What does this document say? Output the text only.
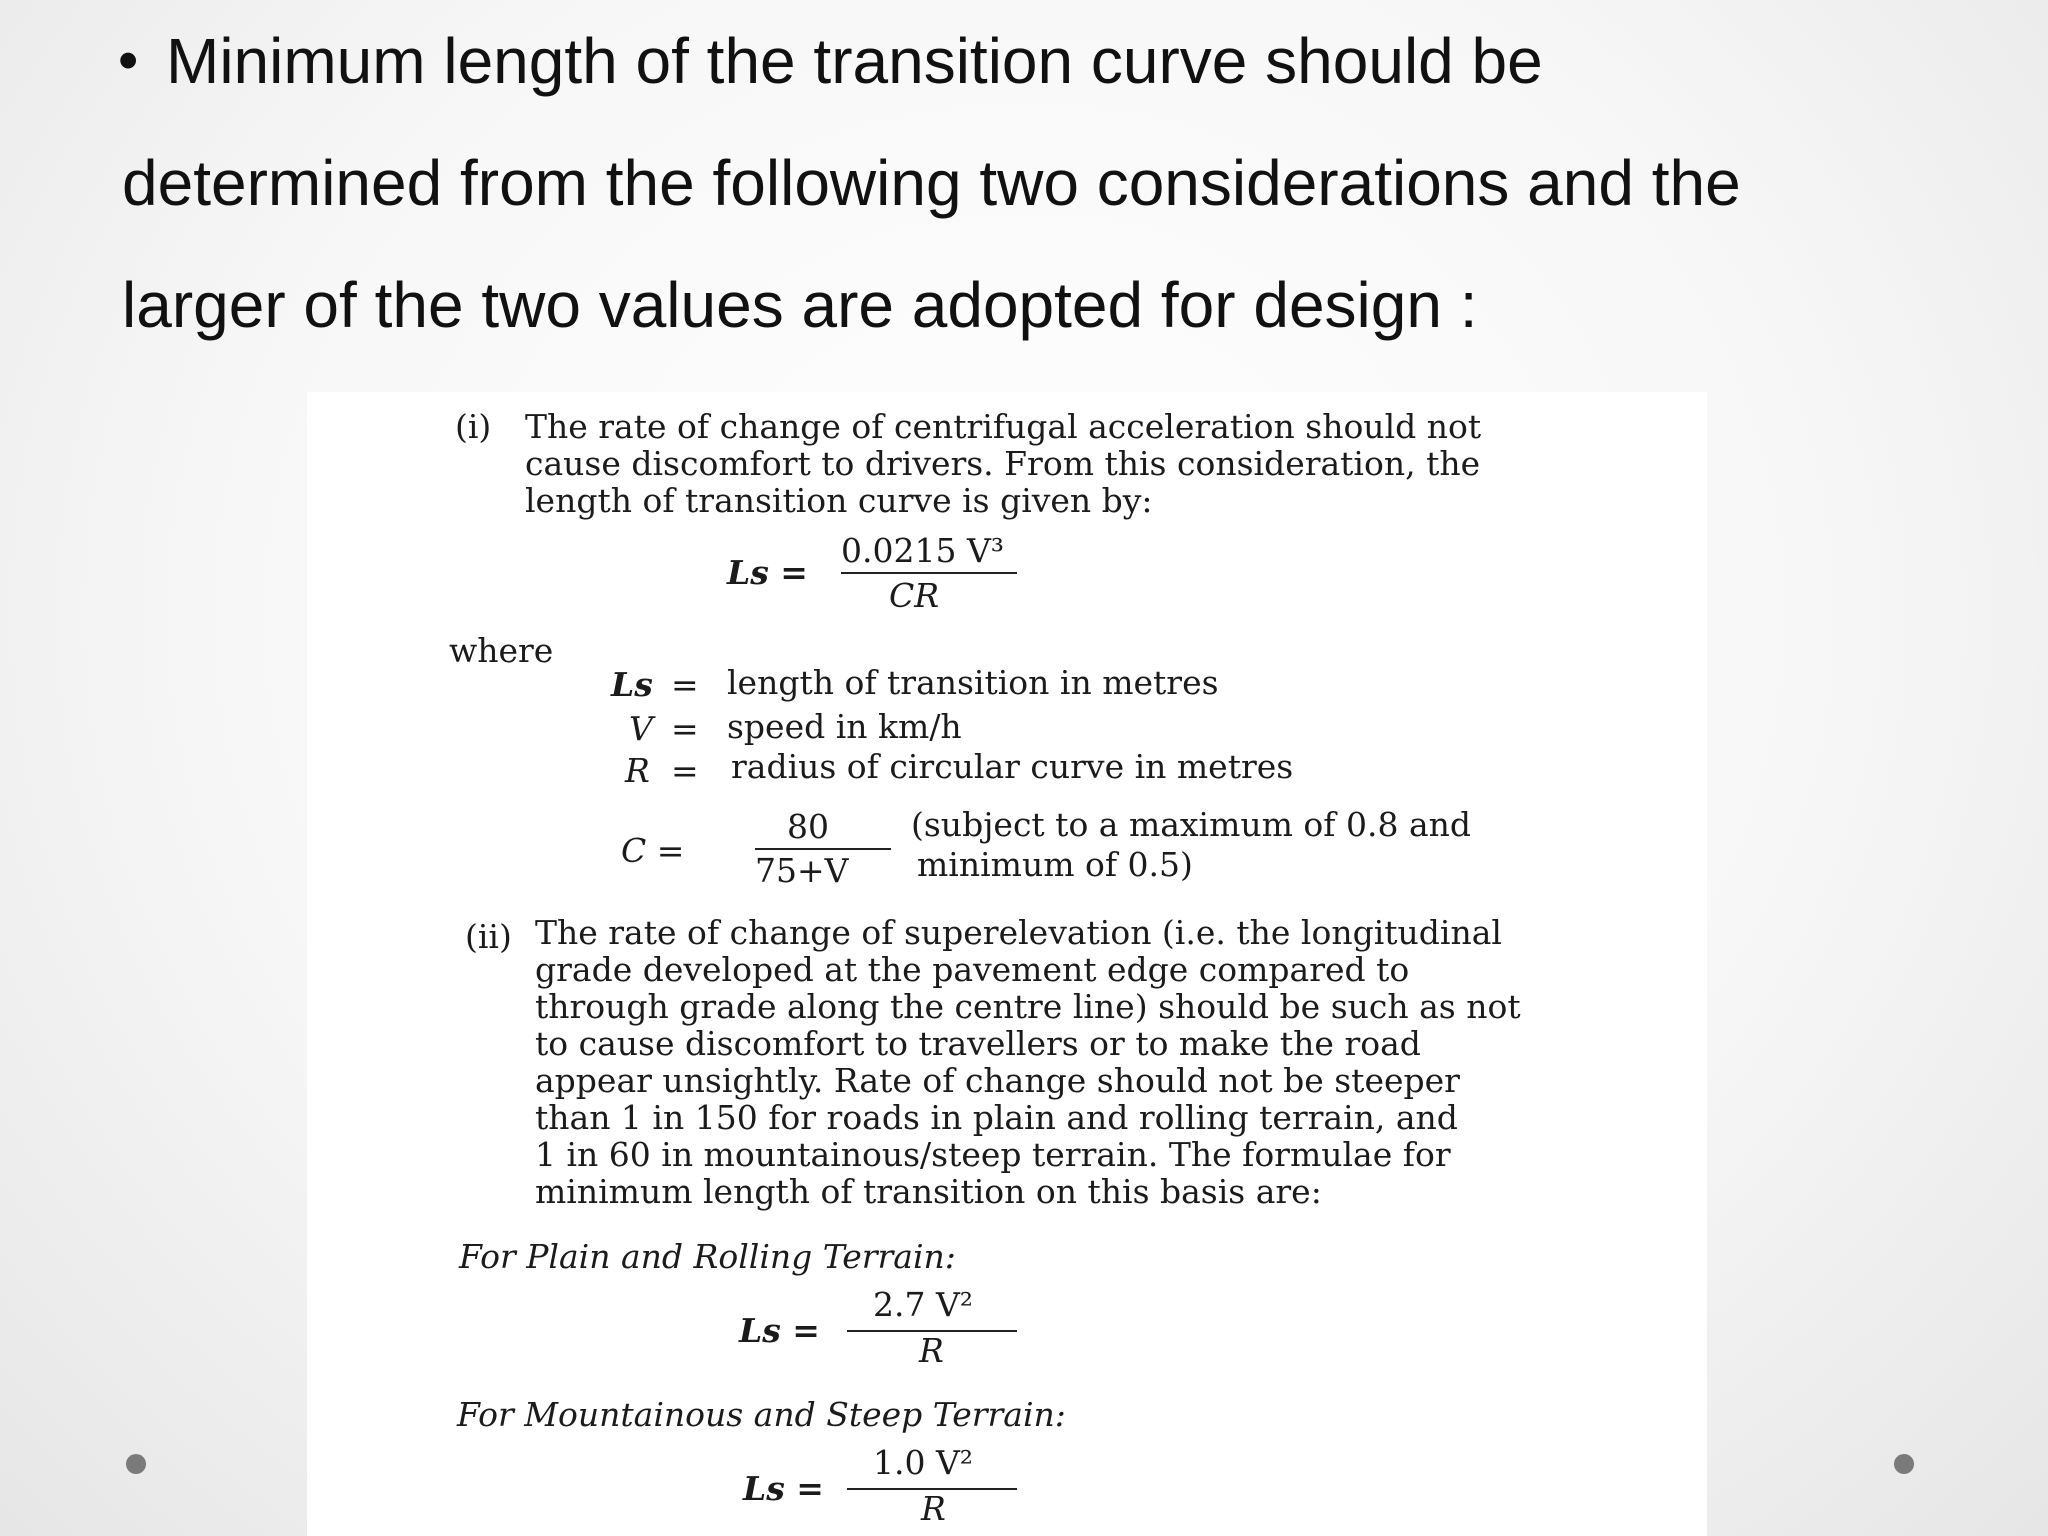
• Minimum length of the transition curve should be
determined from the following two considerations and the
larger of the two values are adopted for design :
(i) The rate of change of centrifugal acceleration should not
cause discomfort to drivers. From this consideration, the
length of transition curve is given by:
Ls =
0.0215 V³
CR
where
Ls = length of transition in metres
V = speed in km/h
R = radius of circular curve in metres
C =
80
75+V
(subject to a maximum of 0.8 and
minimum of 0.5)
(ii) The rate of change of superelevation (i.e. the longitudinal
grade developed at the pavement edge compared to
through grade along the centre line) should be such as not
to cause discomfort to travellers or to make the road
appear unsightly. Rate of change should not be steeper
than 1 in 150 for roads in plain and rolling terrain, and
1 in 60 in mountainous/steep terrain. The formulae for
minimum length of transition on this basis are:
For Plain and Rolling Terrain:
Ls =
2.7 V²
R
For Mountainous and Steep Terrain:
Ls =
1.0 V²
R
